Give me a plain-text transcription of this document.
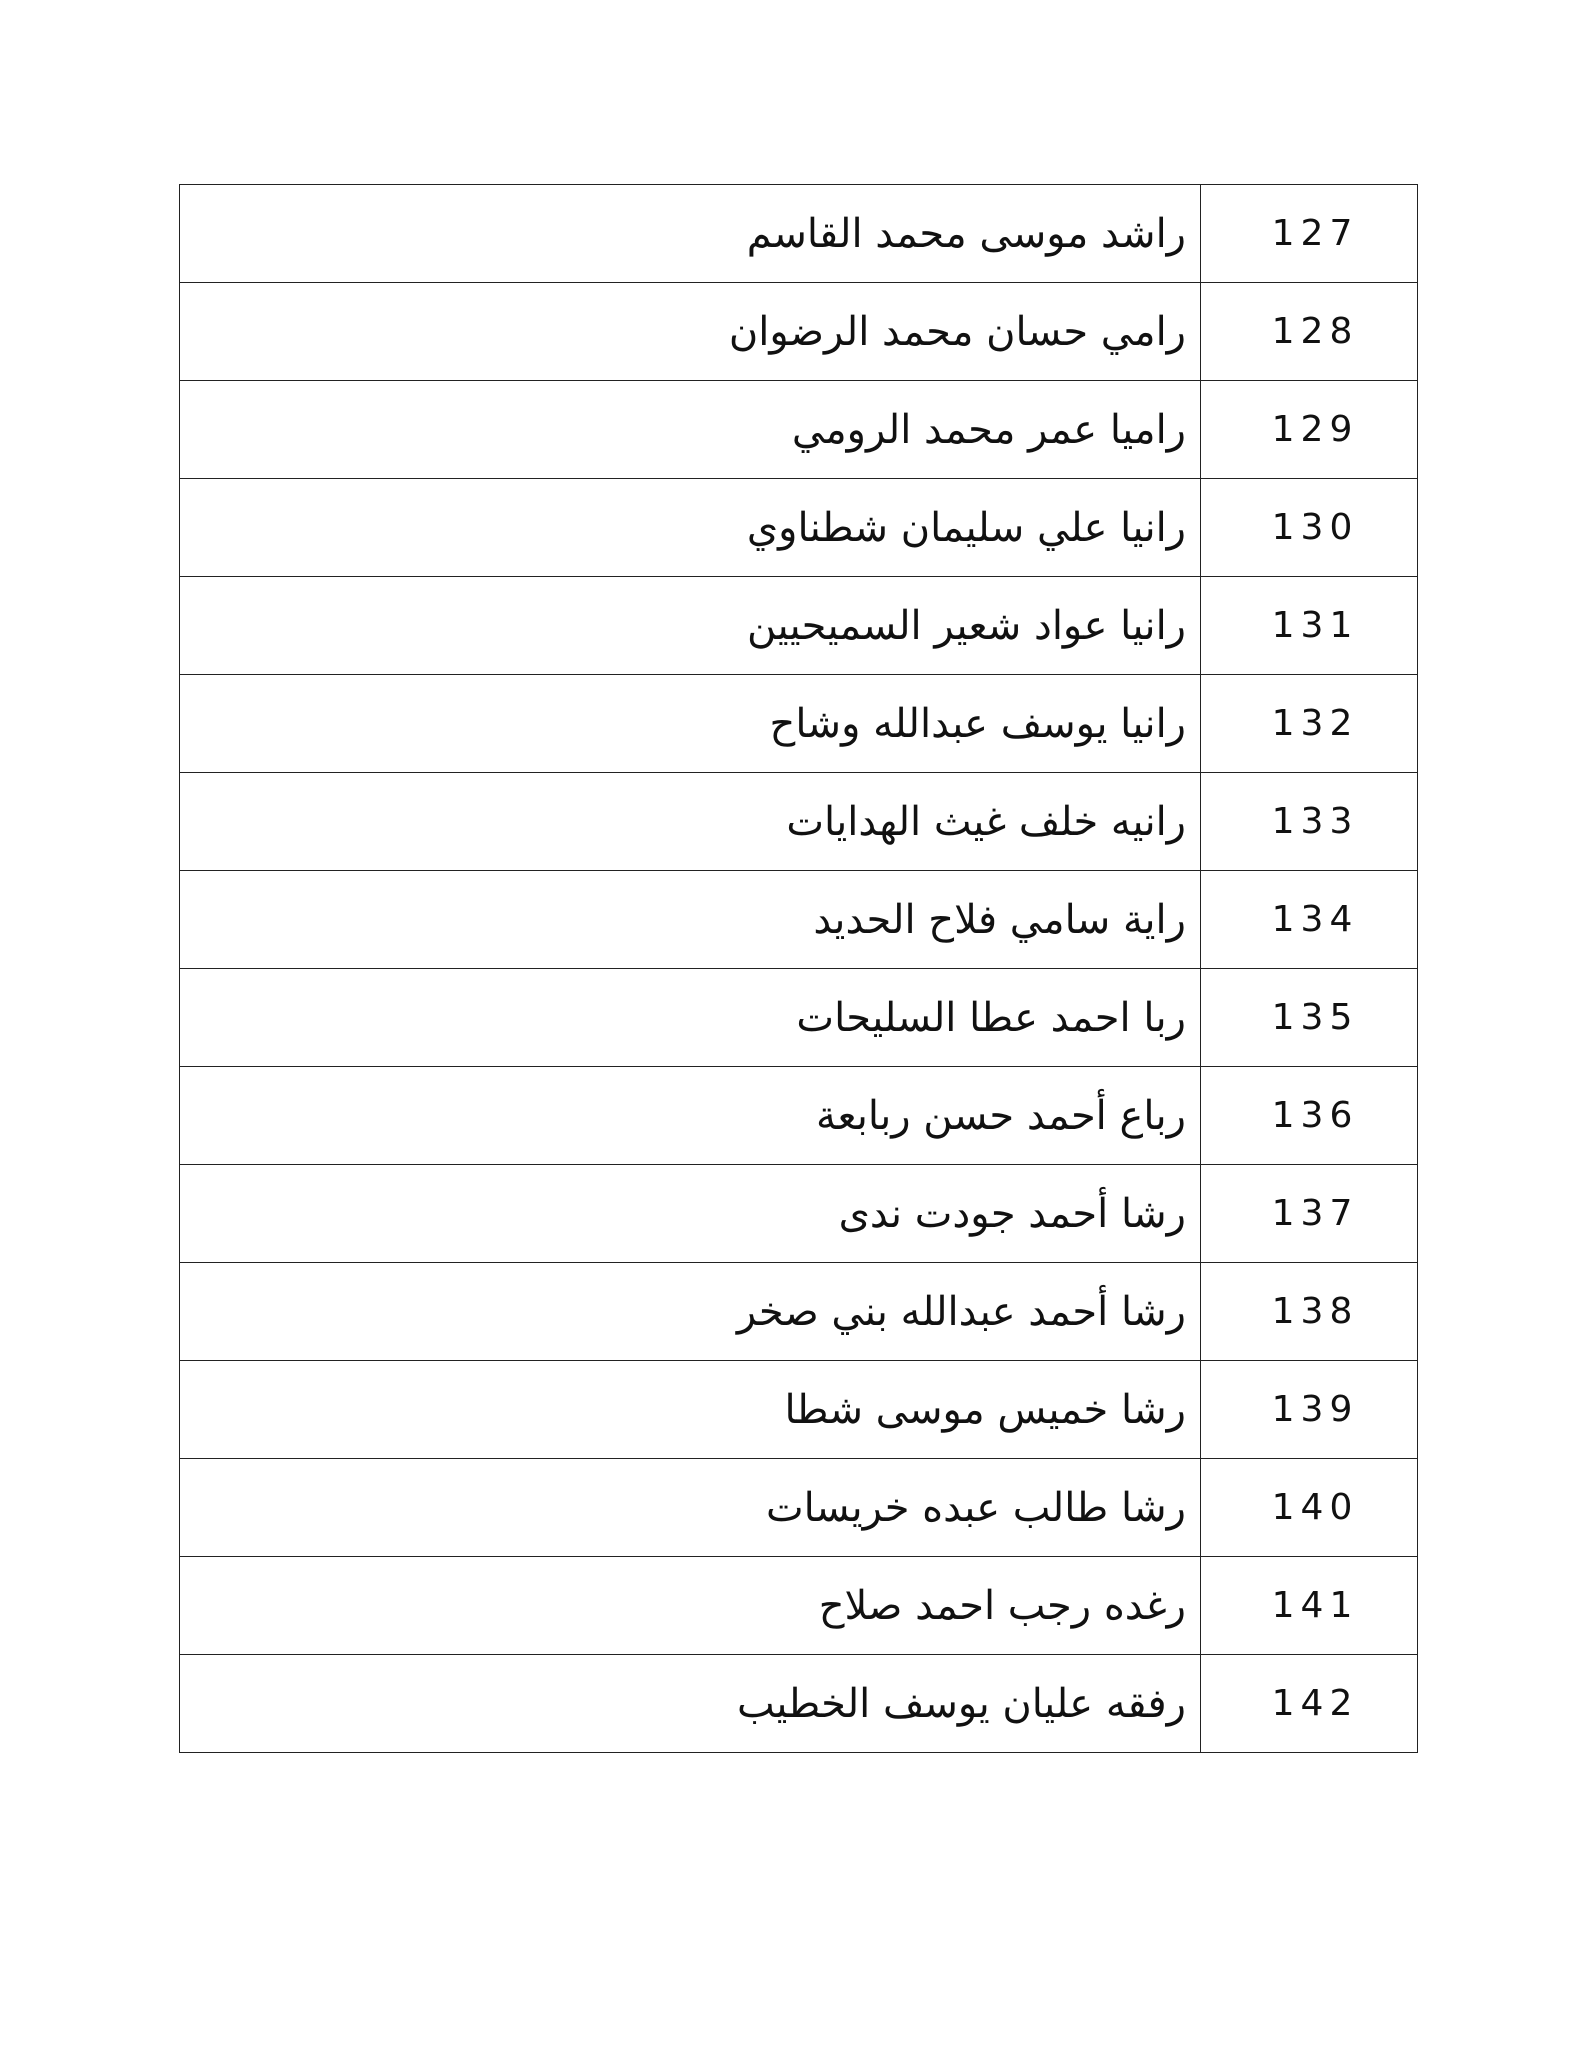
127	راشد موسى محمد القاسم
128	رامي حسان محمد الرضوان
129	راميا عمر محمد الرومي
130	رانيا علي سليمان شطناوي
131	رانيا عواد شعير السميحيين
132	رانيا يوسف عبدالله وشاح
133	رانيه خلف غيث الهدايات
134	راية سامي فلاح الحديد
135	ربا احمد عطا السليحات
136	رباع أحمد حسن ربابعة
137	رشا أحمد جودت ندى
138	رشا أحمد عبدالله بني صخر
139	رشا خميس موسى شطا
140	رشا طالب عبده خريسات
141	رغده رجب احمد صلاح
142	رفقه عليان يوسف الخطيب
